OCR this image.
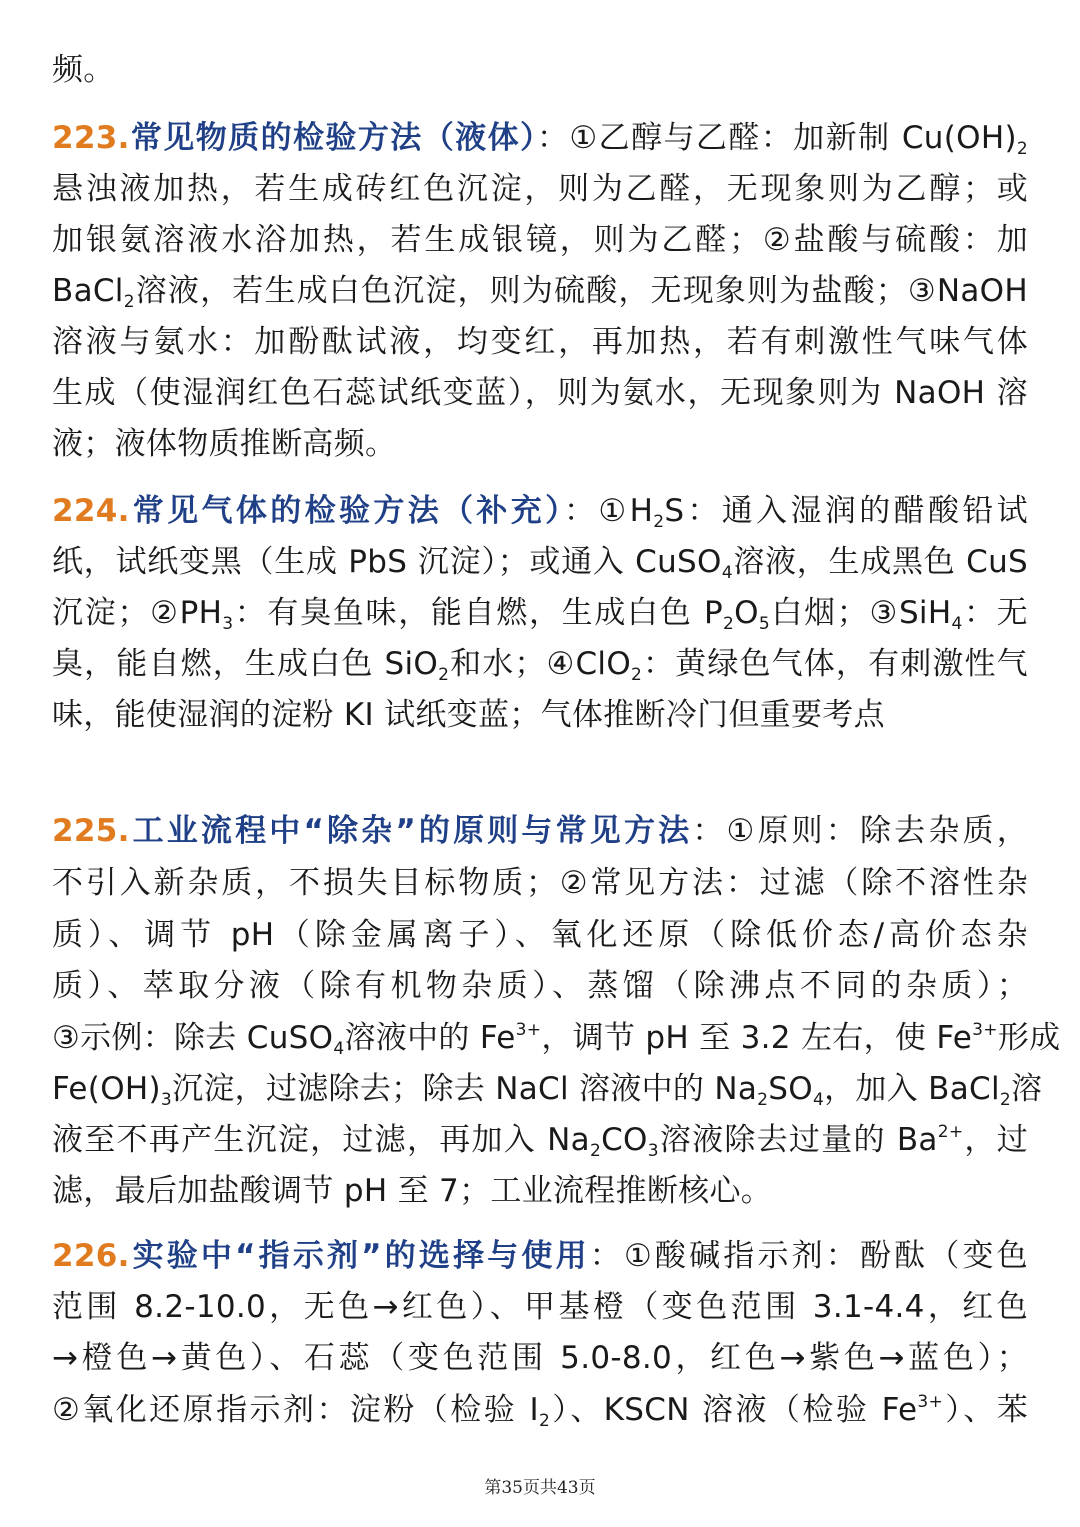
频。
223.常见物质的检验方法（液体）：①乙醇与乙醛：加新制 $Cu(OH)_2$
悬浊液加热，若生成砖红色沉淀，则为乙醛，无现象则为乙醇；或
加银氨溶液水浴加热，若生成银镜，则为乙醛；②盐酸与硫酸：加
BaCl$_2$溶液，若生成白色沉淀，则为硫酸，无现象则为盐酸；③NaOH
溶液与氨水：加酚酞试液，均变红，再加热，若有刺激性气味气体
生成（使湿润红色石蕊试纸变蓝），则为氨水，无现象则为 NaOH 溶
液；液体物质推断高频。
224.常见气体的检验方法（补充）：$①H_2S$：通入湿润的醋酸铅试
纸，试纸变黑（生成 PbS 沉淀）；或通入 CuSO$_4$溶液，生成黑色 CuS
沉淀；$②PH_3$：有臭鱼味，能自燃，生成白色 $P_2O_5$白烟；③SiH$_4$：无
臭，能自燃，生成白色 SiO$_2$和水；④ClO$_2$：黄绿色气体，有刺激性气
味，能使湿润的淀粉 KI 试纸变蓝；气体推断冷门但重要考点
225.工业流程中“除杂”的原则与常见方法：①原则：除去杂质，
不引入新杂质，不损失目标物质；②常见方法：过滤（除不溶性杂
质）、调节 pH（除金属离子）、氧化还原（除低价态/高价态杂
质）、萃取分液（除有机物杂质）、蒸馏（除沸点不同的杂质）；
③示例：除去 CuSO$_4$溶液中的 $Fe^{3+}$，调节 pH 至 3.2 左右，使 $Fe^{3+}$形成
$Fe(OH)_3$沉淀，过滤除去；除去 NaCl 溶液中的 $Na_2SO_4$，加入 BaCl$_2$溶
液至不再产生沉淀，过滤，再加入 $Na_2CO_3$溶液除去过量的 $Ba^{2+}$，过
滤，最后加盐酸调节 pH 至 7；工业流程推断核心。
226.实验中“指示剂”的选择与使用：①酸碱指示剂：酚酞（变色
范围 8.2-10.0，无色→红色）、甲基橙（变色范围 3.1-4.4，红色
→橙色→黄色）、石蕊（变色范围 5.0-8.0，红色→紫色→蓝色）；
②氧化还原指示剂：淀粉（检验 $I_2$）、KSCN 溶液（检验 $Fe^{3+}$）、苯
第35页共43页
